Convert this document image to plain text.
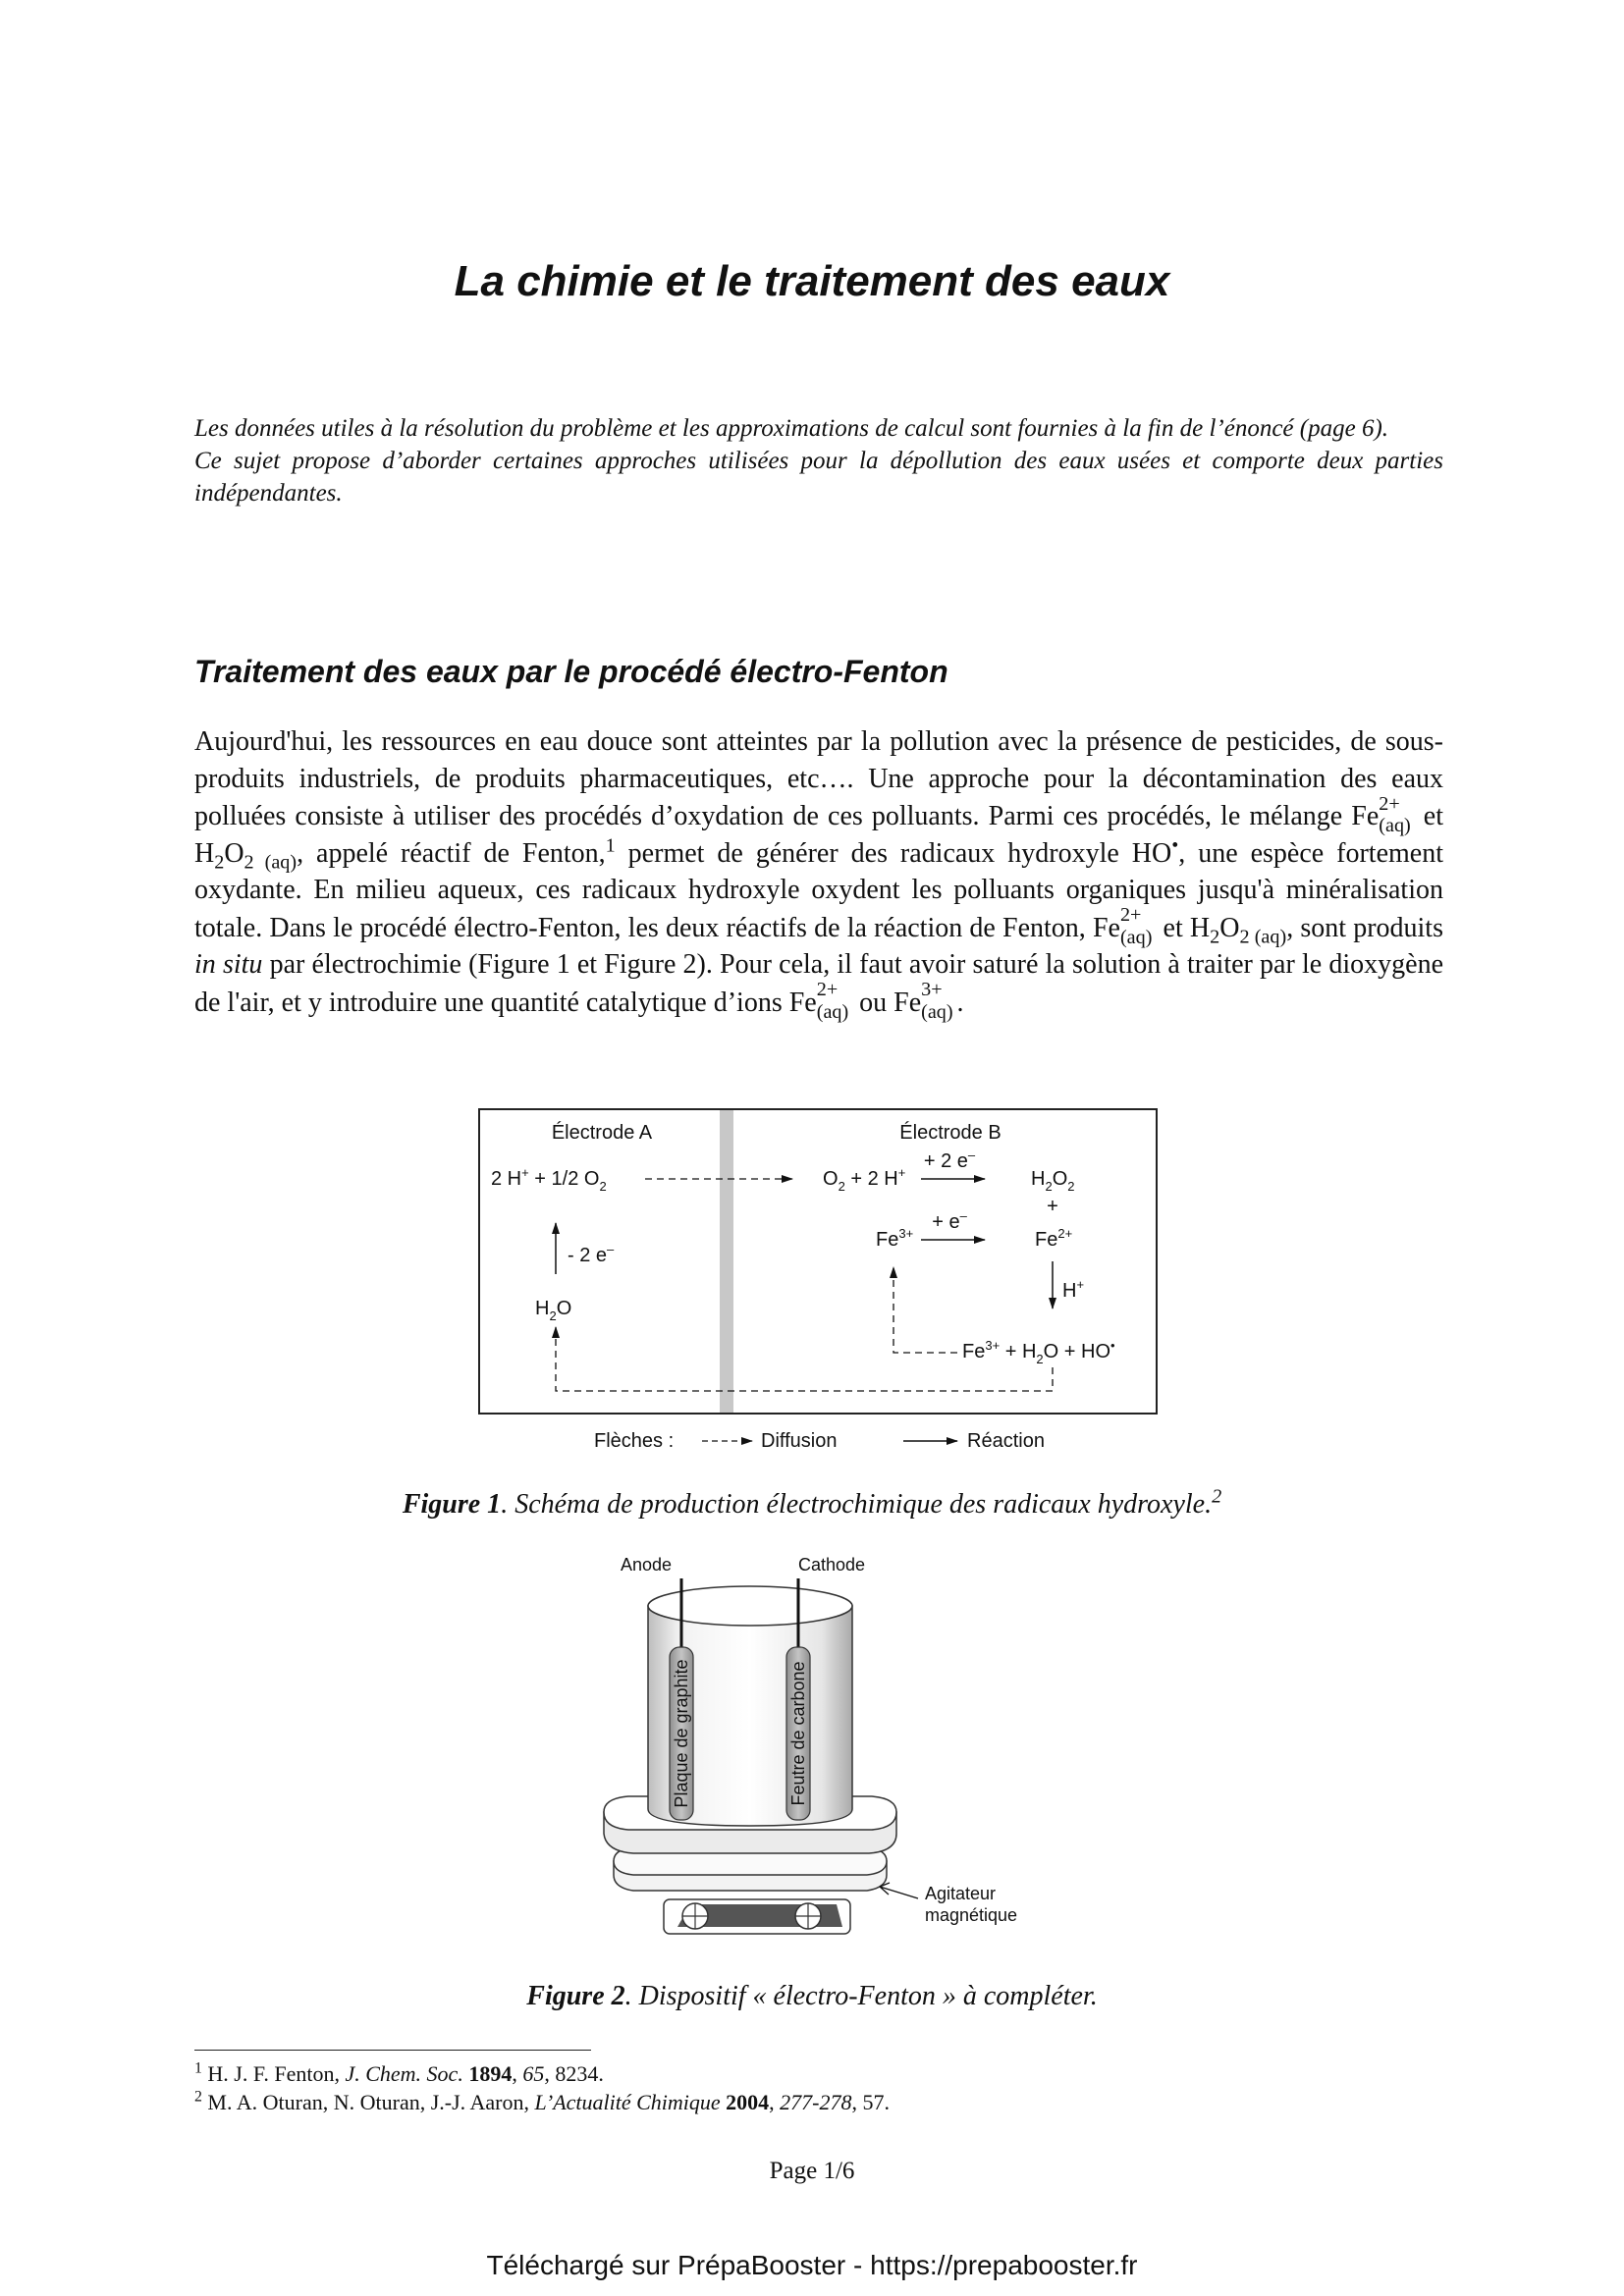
La chimie et le traitement des eaux

Les données utiles à la résolution du problème et les approximations de calcul sont fournies à la fin de l’énoncé (page 6).

Ce sujet propose d’aborder certaines approches utilisées pour la dépollution des eaux usées et comporte deux parties indépendantes.

Traitement des eaux par le procédé électro-Fenton
Aujourd'hui, les ressources en eau douce sont atteintes par la pollution avec la présence de pesticides, de sous-produits industriels, de produits pharmaceutiques, etc…. Une approche pour la décontamination des eaux polluées consiste à utiliser des procédés d’oxydation de ces polluants. Parmi ces procédés, le mélange Fe 2+
(aq) et $H_2O_{2 (aq)}$, appelé réactif de Fenton,$^1$ permet de générer des radicaux hydroxyle HO•, une espèce fortement oxydante. En milieu aqueux, ces radicaux hydroxyle oxydent les polluants organiques jusqu'à minéralisation totale. Dans le procédé électro-Fenton, les deux réactifs de la réaction de Fenton, Fe 2+
(aq) et $H_2O_{2 (aq)}$, sont produits in situ par électrochimie (Figure 1 et Figure 2). Pour cela, il faut avoir saturé la solution à traiter par le dioxygène de l'air, et y introduire une quantité catalytique d’ions Fe 2+
(aq) ou Fe 3+
(aq) .
Électrode A	Électrode B
2 H+ + 1/2 $O_2$	$O_2 + 2$ H+
+ 2 e–
$H_2O_2$
+
$Fe^{3+}$
+ e–
$Fe^{2+}$
- 2 e–
$H_2O$
H+
$Fe^{3+} + H_2O + HO^•$
Flèches :	Diffusion	Réaction
Figure 1. Schéma de production électrochimique des radicaux hydroxyle.$^2$
Anode	Cathode
Plaque de graphite	Feutre de carbone
Agitateur
magnétique
Figure 2. Dispositif « électro-Fenton » à compléter.
$^1$ H. J. F. Fenton, J. Chem. Soc. 1894, 65, 8234.
$^2$ M. A. Oturan, N. Oturan, J.-J. Aaron, L’Actualité Chimique 2004, 277-278, 57.
Page 1/6
Téléchargé sur PrépaBooster - https://prepabooster.fr
